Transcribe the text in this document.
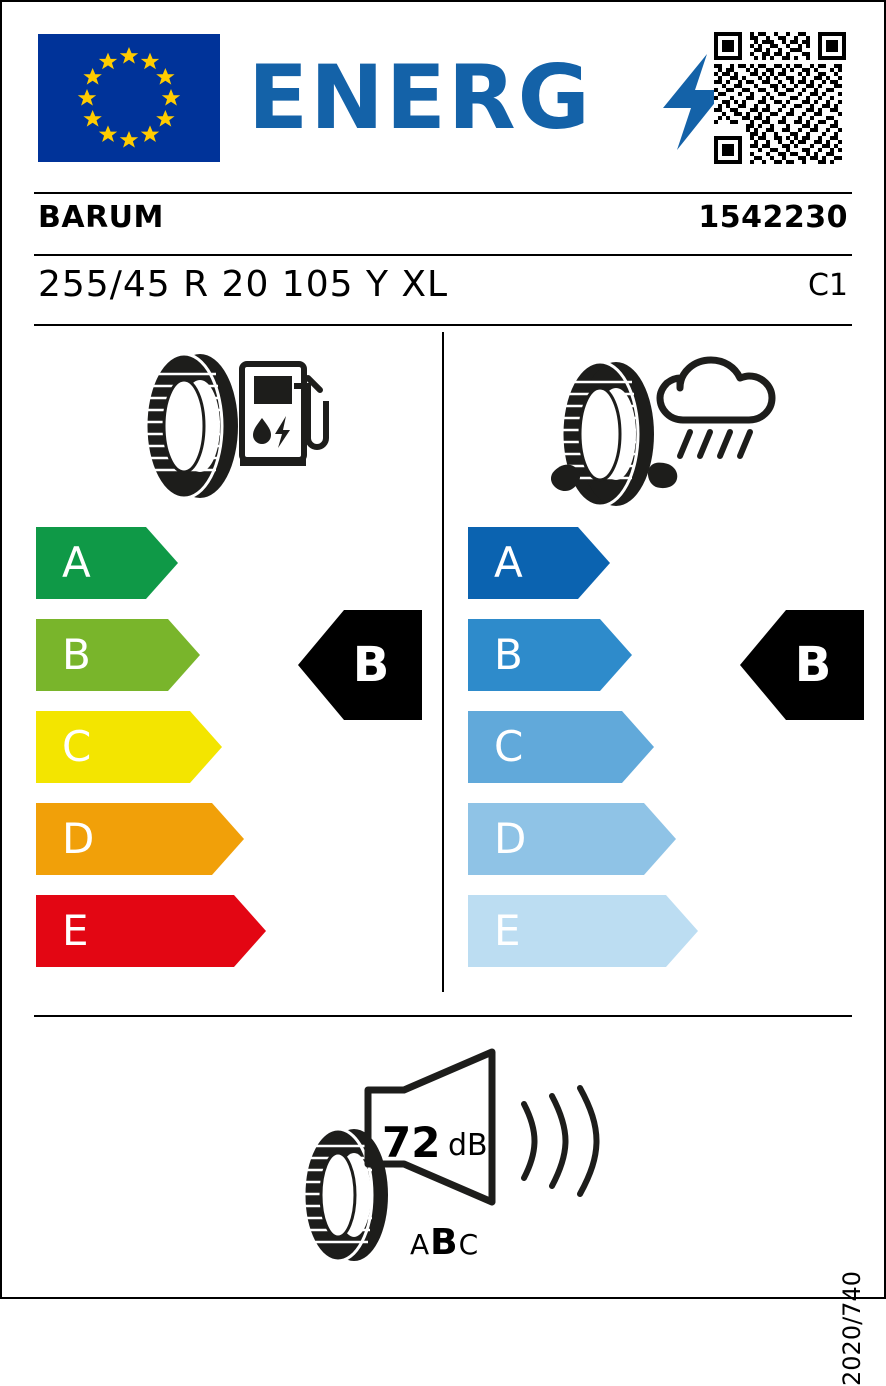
ENERG
BARUM	1542230
255/45 R 20 105 Y XL	C1
A
B
C
D
E
A
B
C
D
E
B	B
72 dB
ABC
2020/740
